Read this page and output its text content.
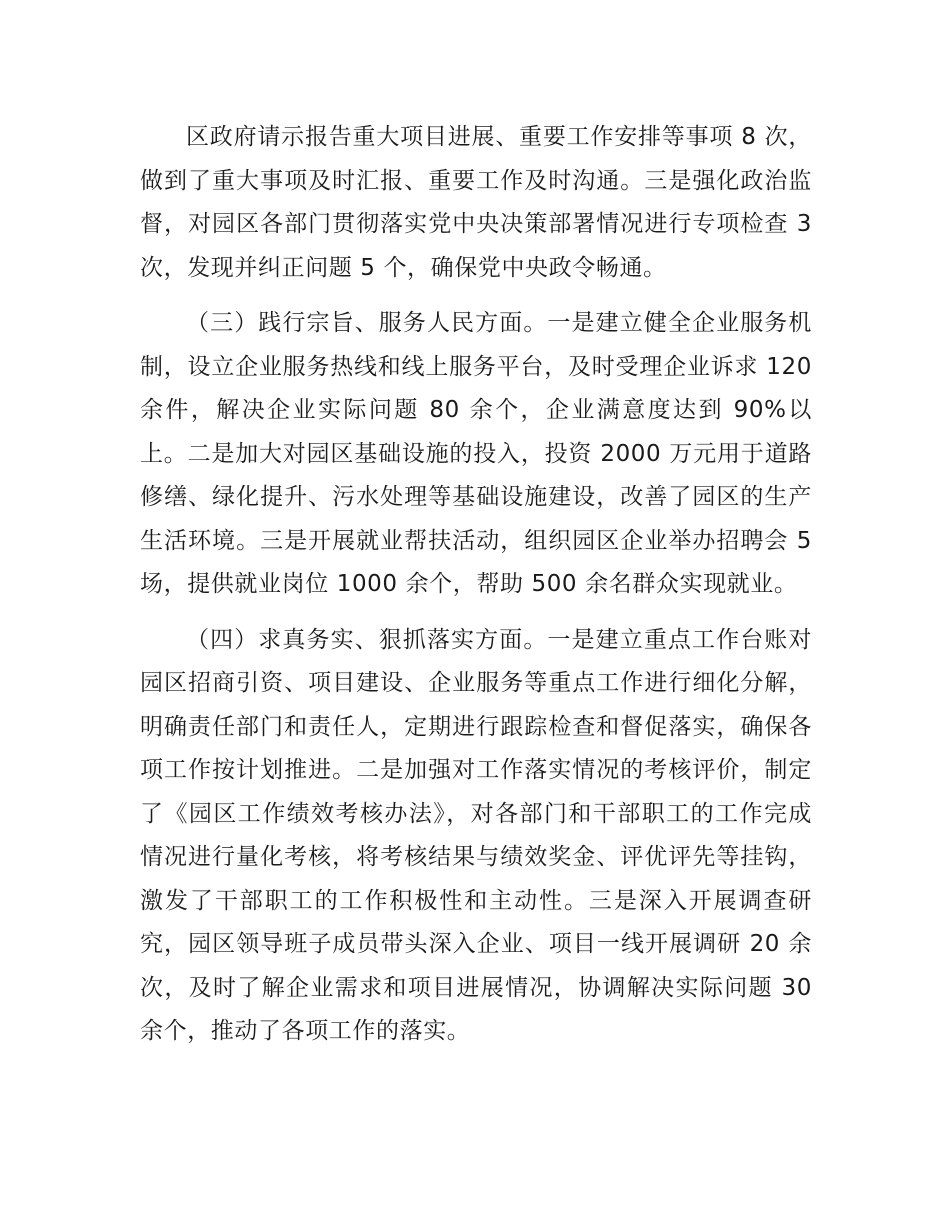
区政府请示报告重大项目进展、重要工作安排等事项 8 次，做到了重大事项及时汇报、重要工作及时沟通。三是强化政治监督，对园区各部门贯彻落实党中央决策部署情况进行专项检查 3 次，发现并纠正问题 5 个，确保党中央政令畅通。

（三）践行宗旨、服务人民方面。一是建立健全企业服务机制，设立企业服务热线和线上服务平台，及时受理企业诉求 120 余件，解决企业实际问题 80 余个，企业满意度达到 90%以上。二是加大对园区基础设施的投入，投资 2000 万元用于道路修缮、绿化提升、污水处理等基础设施建设，改善了园区的生产生活环境。三是开展就业帮扶活动，组织园区企业举办招聘会 5 场，提供就业岗位 1000 余个，帮助 500 余名群众实现就业。

（四）求真务实、狠抓落实方面。一是建立重点工作台账对园区招商引资、项目建设、企业服务等重点工作进行细化分解，明确责任部门和责任人，定期进行跟踪检查和督促落实，确保各项工作按计划推进。二是加强对工作落实情况的考核评价，制定了《园区工作绩效考核办法》，对各部门和干部职工的工作完成情况进行量化考核，将考核结果与绩效奖金、评优评先等挂钩，激发了干部职工的工作积极性和主动性。三是深入开展调查研究，园区领导班子成员带头深入企业、项目一线开展调研 20 余次，及时了解企业需求和项目进展情况，协调解决实际问题 30 余个，推动了各项工作的落实。
